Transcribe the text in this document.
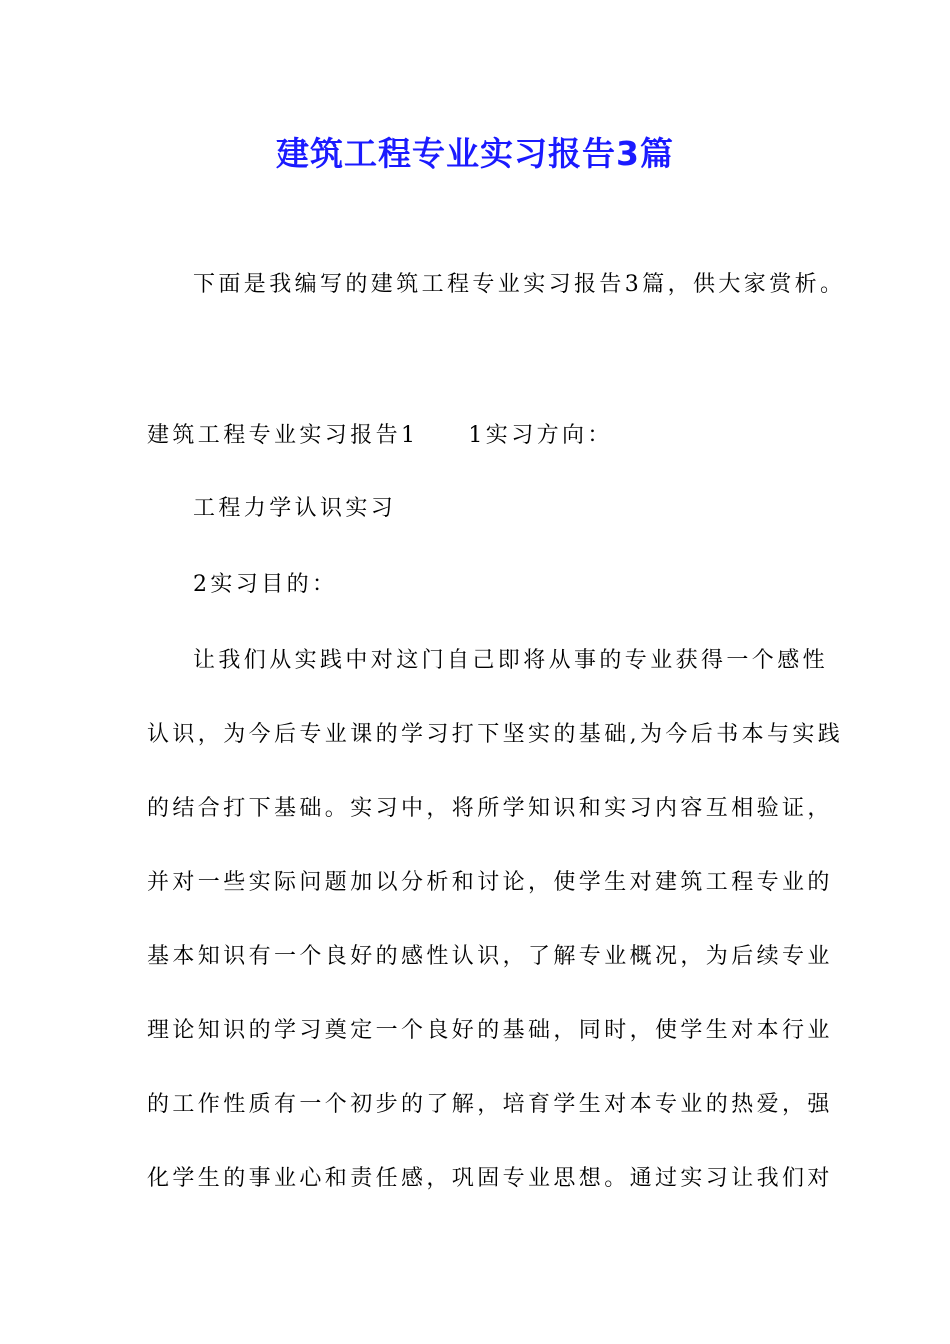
建筑工程专业实习报告3篇
下面是我编写的建筑工程专业实习报告3篇，供大家赏析。
建筑工程专业实习报告1 1实习方向：
工程力学认识实习
2实习目的：
让我们从实践中对这门自己即将从事的专业获得一个感性
认识，为今后专业课的学习打下坚实的基础,为今后书本与实践
的结合打下基础。实习中，将所学知识和实习内容互相验证，
并对一些实际问题加以分析和讨论，使学生对建筑工程专业的
基本知识有一个良好的感性认识，了解专业概况，为后续专业
理论知识的学习奠定一个良好的基础，同时，使学生对本行业
的工作性质有一个初步的了解，培育学生对本专业的热爱，强
化学生的事业心和责任感，巩固专业思想。通过实习让我们对
